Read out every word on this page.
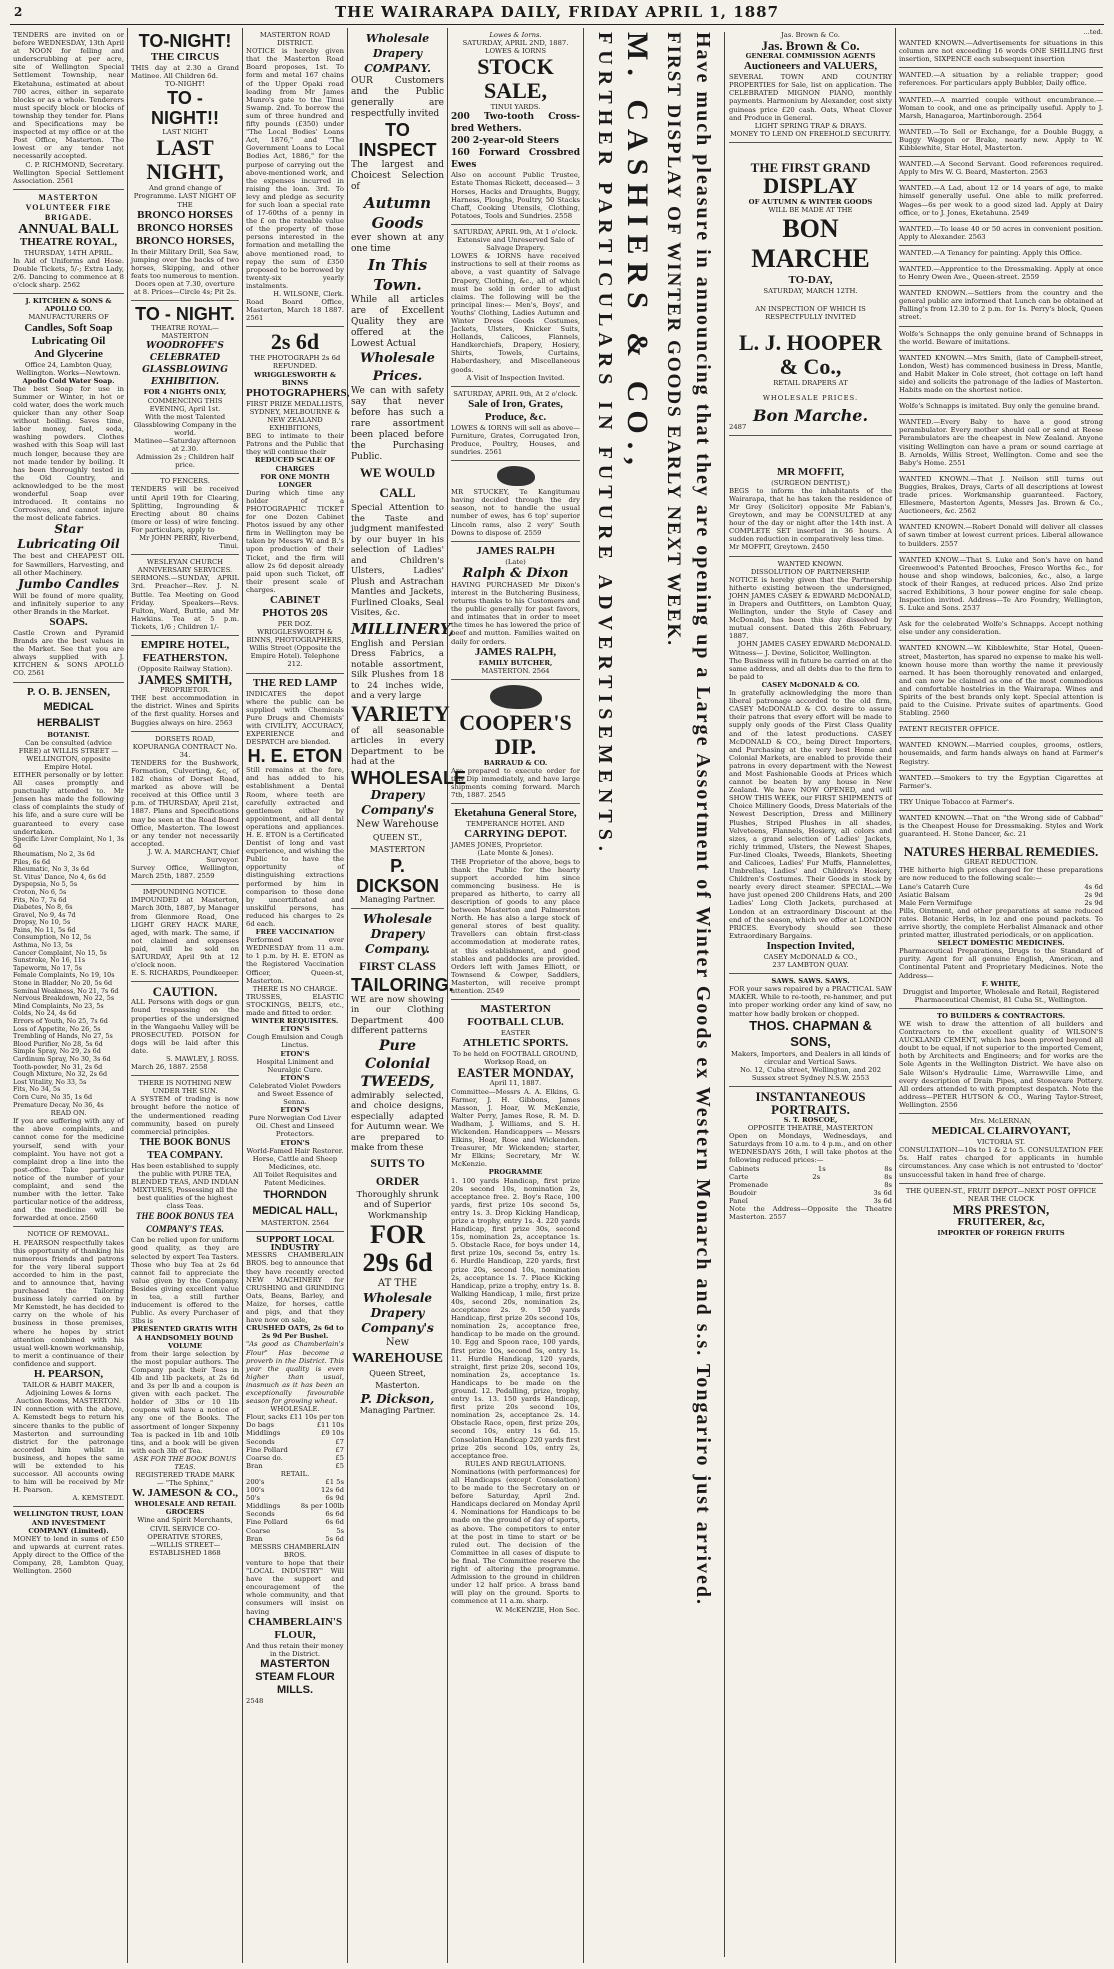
2	THE WAIRARAPA DAILY, FRIDAY APRIL 1, 1887
TENDERS are invited on or before WEDNESDAY, 13th April at NOON for felling and underscrubbing at per acre, site of Wellington Special Settlement Township, near Eketahuna, estimated at about 700 acres, either in separate blocks or as a whole. Tenderers must specify block or blocks of township they tender for. Plans and Specifications may be inspected at my office or at the Post Office, Masterton. The lowest or any tender not necessarily accepted.
C. P. RICHMOND, Secretary.
Wellington Special Settlement Association. 2561
MASTERTON VOLUNTEER FIRE BRIGADE.
ANNUAL BALL
THEATRE ROYAL,
THURSDAY, 14TH APRIL.
In Aid of Uniforms and Hose. Double Tickets, 5/-; Extra Lady, 2/6. Dancing to commence at 8 o'clock sharp. 2562
J. KITCHEN & SONS & APOLLO CO.
MANUFACTURERS OF
Candles, Soft Soap
Lubricating Oil
And Glycerine
Office 24, Lambton Quay, Wellington. Works—Newtown.
Apollo Cold Water Soap.
The best Soap for use in Summer or Winter, in hot or cold water, does the work much quicker than any other Soap without boiling. Saves time, labor money, fuel, soda, washing powders. Clothes washed with this Soap will last much longer, because they are not made tender by boiling. It has been thoroughly tested in the Old Country, and acknowledged to be the most wonderful Soap ever introduced. It contains no Corrosives, and cannot injure the most delicate fabrics.
Star Lubricating Oil
The best and CHEAPEST OIL for Sawmillers, Harvesting, and all other Machinery.
Jumbo Candles
Will be found of more quality, and infinitely superior to any other Brands in the Market.
SOAPS.
Castle Crown and Pyramid Brands are the best values in the Market. See that you are always supplied with J. KITCHEN & SONS APOLLO CO. 2561
P. O. B. JENSEN,
MEDICAL HERBALIST
BOTANIST.
Can be consulted (advice FREE) at WILLIS STREET — WELLINGTON, opposite Empire Hotel.
EITHER personally or by letter. All cases promptly and punctually attended to. Mr Jensen has made the following class of complaints the study of his life, and a sure cure will be guaranteed to every case undertaken.
Specific Liver Complaint, No 1, 3s 6d
Rheumatism, No 2, 3s 6d
Piles, 6s 6d
Rheumatic, No 3, 3s 6d
St. Vitus' Dance, No 4, 6s 6d
Dyspepsia, No 5, 5s
Croton, No 6, 5s
Fits, No 7, 7s 6d
Diabetes, No 8, 6s
Gravel, No 9, 4s 7d
Dropsy, No 10, 5s
Pains, No 11, 5s 6d
Consumption, No 12, 5s
Asthma, No 13, 5s
Cancer Complaint, No 15, 5s
Sunstroke, No 16, 11s
Tapeworm, No 17, 5s
Female Complaints, No 19, 10s
Stone in Bladder, No 20, 5s 6d
Seminal Weakness, No 21, 7s 6d
Nervous Breakdown, No 22, 5s
Mind Complaints, No 23, 5s
Colds, No 24, 4s 6d
Errors of Youth, No 25, 7s 6d
Loss of Appetite, No 26, 5s
Trembling of Hands, No 27, 5s
Blood Purifier, No 28, 5s 6d
Simple Spray, No 29, 2s 6d
Cardinum Spray, No 30, 3s 6d
Tooth-powder, No 31, 2s 6d
Cough Mixture, No 32, 2s 6d
Lost Vitality, No 33, 5s
Fits, No 34, 5s
Corn Cure, No 35, 1s 6d
Premature Decay, No 36, 4s
READ ON.
If you are suffering with any of the above complaints, and cannot come for the medicine yourself, send with your complaint. You have not got a complaint drop a line into the post-office. Take particular notice of the number of your complaint, and send the number with the letter. Take particular notice of the address, and the medicine will be forwarded at once. 2560
NOTICE OF REMOVAL.
H. PEARSON respectfully takes this opportunity of thanking his numerous friends and patrons for the very liberal support accorded to him in the past, and to announce that, having purchased the Tailoring business lately carried on by Mr Kemstedt, he has decided to carry on the whole of his business in those premises, where he hopes by strict attention combined with his usual well-known workmanship, to merit a continuance of their confidence and support.
H. PEARSON,
TAILOR & HABIT MAKER,
Adjoining Lowes & Iorns Auction Rooms, MASTERTON.
IN connection with the above, A. Kemstedt begs to return his sincere thanks to the public of Masterton and surrounding district for the patronage accorded him whilst in business, and hopes the same will be extended to his successor. All accounts owing to him will be received by Mr H. Pearson.
A. KEMSTEDT.
WELLINGTON TRUST, LOAN AND INVESTMENT COMPANY (Limited).
MONEY to lend in sums of £50 and upwards at current rates. Apply direct to the Office of the Company, 28, Lambton Quay, Wellington. 2560
TO-NIGHT!
THE CIRCUS
THIS day at 2.30 a Grand Matinee. All Children 6d.
TO-NIGHT!
TO - NIGHT!!
LAST NIGHT
LAST NIGHT,
And grand change of Programme. LAST NIGHT OF THE
BRONCO HORSES
BRONCO HORSES
BRONCO HORSES,
In their Military Drill, Sea Saw, jumping over the backs of two horses, Skipping, and other feats too numerous to mention.
Doors open at 7.30, overture at 8. Prices—Circle 4s; Pit 2s.
TO - NIGHT.
THEATRE ROYAL—MASTERTON
WOODROFFE'S CELEBRATED GLASSBLOWING EXHIBITION.
FOR 4 NIGHTS ONLY,
COMMENCING THIS EVENING, April 1st.
With the most Talented Glassblowing Company in the world.
Matinee—Saturday afternoon at 2.30.
Admission 2s ; Children half price.
TO FENCERS.
TENDERS will be received until April 19th for Clearing, Splitting, Ingrounding & Erecting about 80 chains (more or less) of wire fencing. For particulars, apply to
Mr JOHN PERRY, Riverbend, Tinui.
WESLEYAN CHURCH ANNIVERSARY SERVICES.
SERMONS.—SUNDAY, APRIL 3rd. Preacher—Rev. J. N. Buttle. Tea Meeting on Good Friday. Speakers—Revs. Fulton, Ward, Buttle, and Mr Hawkins. Tea at 5 p.m. Tickets, 1/6 ; Children 1/-
EMPIRE HOTEL, FEATHERSTON.
(Opposite Railway Station).
JAMES SMITH,
PROPRIETOR.
THE best accommodation in the district. Wines and Spirits of the first quality. Horses and Buggies always on hire. 2563
DORSETS ROAD, KOPURANGA CONTRACT No. 34.
TENDERS for the Bushwork, Formation, Culverting, &c, of 182 chains of Dorset Road, marked as above will be received at this Office until 3 p.m. of THURSDAY, April 21st, 1887. Plans and Specifications may be seen at the Road Board Office, Masterton. The lowest or any tender not necessarily accepted.
J. W. A. MARCHANT, Chief Surveyor.
Survey Office, Wellington, March 25th, 1887. 2559
IMPOUNDING NOTICE.
IMPOUNDED at Masterton, March 30th, 1887, by Manager from Glenmore Road, One LIGHT GREY HACK MARE, aged, with mark. The same, if not claimed and expenses paid, will be sold on SATURDAY, April 9th at 12 o'clock noon.
E. S. RICHARDS, Poundkeeper.
CAUTION.
ALL Persons with dogs or gun found trespassing on the properties of the undersigned in the Wangaehu Valley will be PROSECUTED. POISON for dogs will be laid after this date.
S. MAWLEY, J. ROSS.
March 26, 1887. 2558
THERE IS NOTHING NEW UNDER THE SUN.
A SYSTEM of trading is now brought before the notice of the undermentioned reading community, based on purely commercial principles.
THE BOOK BONUS TEA COMPANY.
Has been established to supply the public with PURE TEA, BLENDED TEAS, AND INDIAN MIXTURES, Possessing all the best qualities of the highest class Teas.
THE BOOK BONUS TEA COMPANY'S TEAS.
Can be relied upon for uniform good quality, as they are selected by expert Tea Tasters. Those who buy Tea at 2s 6d cannot fail to appreciate the value given by the Company. Besides giving excellent value in tea, a still further inducement is offered to the Public. As every Purchaser of 3lbs is
PRESENTED GRATIS WITH A HANDSOMELY BOUND VOLUME
from their large selection by the most popular authors. The Company pack their Teas in 4lb and 1lb packets, at 2s 6d and 3s per lb and a coupon is given with each packet. The holder of 3lbs or 10 1lb coupons will have a notice of any one of the Books. The assortment of longer Sixpenny Tea is packed in 1lb and 10lb tins, and a book will be given with each 3lb of Tea.
ASK FOR THE BOOK BONUS TEAS.
REGISTERED TRADE MARK — "The Sphinx,"
W. JAMESON & CO.,
WHOLESALE AND RETAIL GROCERS
Wine and Spirit Merchants, CIVIL SERVICE CO-OPERATIVE STORES,
—WILLIS STREET—
ESTABLISHED 1868
MASTERTON ROAD DISTRICT.
NOTICE is hereby given that the Masterton Road Board proposes, 1st. To form and metal 167 chains of the Upper Opaki road leading from Mr James Munro's gate to the Tinui Swamp. 2nd. To borrow the sum of three hundred and fifty pounds (£350) under "The Local Bodies' Loans Act, 1876," and "The Government Loans to Local Bodies Act, 1886," for the purpose of carrying out the above-mentioned work, and the expenses incurred in raising the loan. 3rd. To levy and pledge as security for such loan a special rate of 17-60ths of a penny in the £ on the rateable value of the property of those persons interested in the formation and metalling the above mentioned road, to repay the sum of £350 proposed to be borrowed by twenty-six yearly instalments.
H. WILSONE, Clerk.
Road Board Office, Masterton, March 18 1887. 2561
2s 6d
THE PHOTOGRAPH 2s 6d REFUNDED.
WRIGGLESWORTH & BINNS
PHOTOGRAPHERS,
FIRST PRIZE MEDALLISTS, SYDNEY, MELBOURNE & NEW ZEALAND EXHIBITIONS,
BEG to intimate to their Patrons and the Public that they will continue their
REDUCED SCALE OF CHARGES
FOR ONE MONTH LONGER
During which time any holder of a PHOTOGRAPHIC TICKET for one Dozen Cabinet Photos issued by any other firm in Wellington may be taken by Messrs W. and B.'s upon production of their Ticket, and the firm will allow 2s 6d deposit already paid upon such Ticket, off their present scale of charges.
CABINET PHOTOS 20S
PER DOZ.
WRIGGLESWORTH & BINNS, PHOTOGRAPHERS,
Willis Street (Opposite the Empire Hotel). Telephone 212.
THE RED LAMP
INDICATES the depot where the public can be supplied with Chemicals Pure Drugs and Chemists' with CIVILITY, ACCURACY, EXPERIENCE and DESPATCH are blended.
H. E. ETON
Still remains at the fore, and has added to his establishment a Dental Room, where teeth are carefully extracted and gentlemen either by appointment, and all dental operations and appliances. H. E. ETON is a Certificated Dentist of long and vast experience, and wishing the Public to have the opportunity of distinguishing extractions performed by him in comparison to those done by uncertificated and unskilful persons, has reduced his charges to 2s 6d each.
FREE VACCINATION
Performed ever WEDNESDAY from 11 a.m. to 1 p.m. by H. E. ETON as the Registered Vaccination Officer, Queen-st, Masterton.
THERE IS NO CHARGE.
TRUSSES, ELASTIC STOCKINGS, BELTS, etc., made and fitted to order.
WINTER REQUISITES.
ETON'S
Cough Emulsion and Cough Linctus.
ETON'S
Hospital Liniment and Neuralgic Cure.
ETON'S
Celebrated Violet Powders and Sweet Essence of Senna.
ETON'S
Pure Norwegian Cod Liver Oil. Chest and Linseed Protectors.
ETON'S
World-Famed Hair Restorer. Horse, Cattle and Sheep Medicines, etc.
All Toilet Requisites and Patent Medicines.
THORNDON MEDICAL HALL,
MASTERTON. 2564
SUPPORT LOCAL INDUSTRY
MESSRS CHAMBERLAIN BROS. beg to announce that they have recently erected NEW MACHINERY for CRUSHING and GRINDING Oats, Beans, Barley, and Maize, for horses, cattle and pigs, and that they have now on sale,
CRUSHED OATS, 2s 6d to 2s 9d Per Bushel.
"As good as Chamberlain's Flour" Has become a proverb in the District. This year the quality is even higher than usual, inasmuch as it has been an exceptionally favourable season for growing wheat.
WHOLESALE.
Flour, sacks £11 10s per ton
Do bags	£11 10s
Middlings	£9 10s
Seconds	£7
Fine Pollard	£7
Coarse do.	£5
Bran	£5
RETAIL.
200's	£1 5s
100's	12s 6d
50's	6s 9d
Middlings	8s per 100lb
Seconds	6s 6d
Fine Pollard	6s 6d
Coarse	5s
Bran	5s 6d
MESSRS CHAMBERLAIN BROS.
venture to hope that their "LOCAL INDUSTRY" Will have the support and encouragement of the whole community, and that consumers will insist on having
CHAMBERLAIN'S FLOUR,
And thus retain their money in the District.
MASTERTON STEAM FLOUR MILLS.
2548
Wholesale Drapery COMPANY.
OUR Customers and the Public generally are respectfully invited
TO INSPECT
The largest and Choicest Selection of
Autumn Goods
ever shown at any one time
In This Town.
While all articles are of Excellent Quality they are offered at the Lowest Actual
Wholesale Prices.
We can with safety say that never before has such a rare assortment been placed before the Purchasing Public.
WE WOULD CALL
Special Attention to the Taste and judgment manifested by our buyer in his selection of Ladies' and Children's Ulsters, Ladies' Plush and Astrachan Mantles and Jackets, Furlined Cloaks, Seal Visites, &c.
MILLINERY,
English and Persian Dress Fabrics, a notable assortment, Silk Plushes from 18 to 24 inches wide, and a very large
VARIETY
of all seasonable articles in every Department to be had at the
WHOLESALE
Drapery Company's
New Warehouse
QUEEN ST., MASTERTON
P. DICKSON
Managing Partner.
Wholesale Drapery Company.
FIRST CLASS
TAILORING.
WE are now showing in our Clothing Department 400 different patterns
Pure Colonial TWEEDS,
admirably selected, and choice designs, especially adapted for Autumn wear. We are prepared to make from these
SUITS TO ORDER
Thoroughly shrunk and of Superior Workmanship
FOR 29s 6d
AT THE
Wholesale Drapery Company's
New
WAREHOUSE
Queen Street, Masterton.
P. Dickson,
Managing Partner.
Lowes & Iorns.
SATURDAY, APRIL 2ND, 1887.
LOWES & IORNS
STOCK SALE,
TINUI YARDS.
200 Two-tooth Cross-bred Wethers.
200 2-year-old Steers
160 Forward Crossbred Ewes
Also on account Public Trustee, Estate Thomas Rickett, deceased— 3 Horses, Hacks and Draughts, Buggy, Harness, Ploughs, Poultry, 50 Stacks Chaff, Cooking Utensils, Clothing, Potatoes, Tools and Sundries. 2558
SATURDAY, APRIL 9th, At 1 o'clock.
Extensive and Unreserved Sale of Salvage Drapery.
LOWES & IORNS have received instructions to sell at their rooms as above, a vast quantity of Salvage Drapery, Clothing, &c., all of which must be sold in order to adjust claims. The following will be the principal lines:— Men's, Boys', and Youths' Clothing, Ladies Autumn and Winter Dress Goods Costumes, Jackets, Ulsters, Knicker Suits, Hollands, Calicoes, Flannels, Handkerchiefs, Drapery, Hosiery, Shirts, Towels, Curtains, Haberdashery, and Miscellaneous goods.
A Visit of Inspection Invited.
SATURDAY, APRIL 9th, At 2 o'clock.
Sale of Iron, Grates, Produce, &c.
LOWES & IORNS will sell as above— Furniture, Grates, Corrugated Iron, Produce, Poultry, Houses, and sundries. 2561
MR STUCKEY, Te Kangitumau having decided through the dry season, not to handle the usual number of ewes, has 6 top' superior Lincoln rams, also 2 very' South Downs to dispose of. 2559
JAMES RALPH
(Late)
Ralph & Dixon
HAVING PURCHASED Mr Dixon's interest in the Butchering Business, returns thanks to his Customers and the public generally for past favors, and intimates that in order to meet the times he has lowered the price of beef and mutton. Families waited on daily for orders.
JAMES RALPH,
FAMILY BUTCHER,
MASTERTON. 2564
COOPER'S DIP.
BARRAUD & CO.
Are prepared to execute order for this Dip immediately, and have large shipments coming forward. March 7th, 1887. 2545
Eketahuna General Store,
TEMPERANCE HOTEL AND
CARRYING DEPOT.
JAMES JONES, Proprietor.
(Late Monte & Jones).
THE Proprietor of the above, begs to thank the Public for the hearty support accorded him since commencing business. He is prepared as hitherto, to carry all description of goods to any place between Masterton and Palmerston North. He has also a large stock of general stores of best quality. Travellers can obtain first-class accommodation at moderate rates, at this establishment, and good stables and paddocks are provided. Orders left with James Elliott, or Townsend & Cowper, Saddlers, Masterton, will receive prompt attention. 2549
MASTERTON FOOTBALL CLUB.
EASTER
ATHLETIC SPORTS.
To be held on FOOTBALL GROUND, Worksop Road, on
EASTER MONDAY,
April 11, 1887.
Committee—Messrs A. A. Elkins, G. Farmer, J. H. Gibbons, James Masson, J. Hoar, W. McKenzie, Walter Perry, James Rose, R. M. D. Wadham, J. Williams, and S. H. Wickenden. Handicappers — Messrs Elkins, Hoar, Rose and Wickenden. Treasurer, Mr Wickenden; starter, Mr Elkins; Secretary, Mr W. McKenzie.
PROGRAMME
1. 100 yards Handicap, first prize 20s second 10s, nomination 2s, acceptance free. 2. Boy's Race, 100 yards, first prize 10s second 5s, entry 1s. 3. Drop Kicking Handicap, prize a trophy, entry 1s. 4. 220 yards Handicap, first prize 30s, second 15s, nomination 2s, acceptance 1s. 5. Obstacle Race, for boys under 14, first prize 10s, second 5s, entry 1s. 6. Hurdle Handicap, 220 yards, first prize 20s, second 10s, nomination 2s, acceptance 1s. 7. Place Kicking Handicap, prize a trophy, entry 1s. 8. Walking Handicap, 1 mile, first prize 40s, second 20s, nomination 2s, acceptance 2s. 9. 150 yards Handicap, first prize 20s second 10s, nomination 2s, acceptance free, handicap to be made on the ground. 10. Egg and Spoon race, 100 yards, first prize 10s, second 5s, entry 1s. 11. Hurdle Handicap, 120 yards, straight, first prize 20s, second 10s, nomination 2s, acceptance 1s. Handicaps to be made on the ground. 12. Pedalling, prize, trophy, entry 1s. 13. 150 yards Handicap, first prize 20s second 10s, nomination 2s, acceptance 2s. 14. Obstacle Race, open, first prize 20s, second 10s, entry 1s 6d. 15. Consolation Handicap 220 yards first prize 20s second 10s, entry 2s, acceptance free.
RULES AND REGULATIONS.
Nominations (with performances) for all Handicaps (except Consolation) to be made to the Secretary on or before Saturday, April 2nd. Handicaps declared on Monday April 4. Nominations for Handicaps to be made on the ground of day of sports, as above. The competitors to enter at the post in time to start or be ruled out. The decision of the Committee in all cases of dispute to be final. The Committee reserve the right of altering the programme. Admission to the ground in children under 12 half price. A brass band will play on the ground. Sports to commence at 11 a.m. sharp.
W. McKENZIE, Hon Sec.
Have much pleasure in announcing that they are opening up a Large Assortment of Winter Goods ex Western Monarch and s.s. Tongariro just arrived.
FIRST DISPLAY OF WINTER GOODS EARLY NEXT WEEK.
M. CASHIERS & CO.,
FURTHER PARTICULARS IN FUTURE ADVERTISEMENTS.	Jas. Brown & Co.
Jas. Brown & Co.
GENERAL COMMISSION AGENTS
Auctioneers and VALUERS,
SEVERAL TOWN AND COUNTRY PROPERTIES for Sale, list on application. The CELEBRATED MIGNON PIANO, monthly payments. Harmonium by Alexander, cost sixty guineas price £20 cash. Oats, Wheat Clover and Produce in General.
LIGHT SPRING TRAP & DRAYS.
MONEY TO LEND ON FREEHOLD SECURITY.
THE FIRST GRAND
DISPLAY
OF AUTUMN & WINTER GOODS
WILL BE MADE AT THE
BON MARCHE
TO-DAY,
SATURDAY, MARCH 12TH.
AN INSPECTION OF WHICH IS RESPECTFULLY INVITED
L. J. HOOPER & Co.,
RETAIL DRAPERS AT
WHOLESALE PRICES.
Bon Marche.
2487
MR MOFFIT,
(SURGEON DENTIST,)
BEGS to inform the inhabitants of the Wairarapa, that he has taken the residence of Mr Grey (Solicitor) opposite Mr Fabian's, Greytown, and may be CONSULTED at any hour of the day or night after the 14th inst. A COMPLETE SET inserted in 36 hours. A sudden reduction in comparatively less time.
Mr MOFFIT, Greytown. 2450
WANTED KNOWN.
DISSOLUTION OF PARTNERSHIP.
NOTICE is hereby given that the Partnership hitherto existing between the undersigned, JOHN JAMES CASEY & EDWARD McDONALD, in Drapers and Outfitters, on Lambton Quay, Wellington, under the Style of Casey and McDonald, has been this day dissolved by mutual consent. Dated this 26th February, 1887.
JOHN JAMES CASEY EDWARD McDONALD.
Witness— J. Devine, Solicitor, Wellington.
The Business will in future be carried on at the same address, and all debts due to the firm to be paid to
CASEY McDONALD & CO.
In gratefully acknowledging the more than liberal patronage accorded to the old firm, CASEY McDONALD & CO. desire to assure their patrons that every effort will be made to supply only goods of the First Class Quality and of the latest productions. CASEY McDONALD & CO., being Direct Importers, and Purchasing at the very best Home and Colonial Markets, are enabled to provide their patrons in every department with the Newest and Most Fashionable Goods at Prices which cannot be beaten by any house in New Zealand. We have NOW OPENED, and will SHOW THIS WEEK, our FIRST SHIPMENTS of Choice Millinery Goods, Dress Materials of the Newest Description, Dress and Millinery Plushes, Striped Plushes in all shades, Velveteens, Flannels, Hosiery, all colors and sizes, a grand selection of Ladies' Jackets, richly trimmed, Ulsters, the Newest Shapes, Fur-lined Cloaks, Tweeds, Blankets, Sheeting and Calicoes, Ladies' Fur Muffs, Flannelettes, Umbrellas, Ladies' and Children's Hosiery, Children's Costumes. Their Goods in stock by nearly every direct steamer. SPECIAL.—We have just opened 200 Childrens Hats, and 200 Ladies' Long Cloth Jackets, purchased at London at an extraordinary Discount at the end of the season, which we offer at LONDON PRICES. Everybody should see these Extraordinary Bargains.
Inspection Invited,
CASEY McDONALD & CO.,
237 LAMBTON QUAY.
SAWS. SAWS. SAWS.
FOR your saws repaired by a PRACTICAL SAW MAKER. While to re-tooth, re-hammer, and put into proper working order any kind of saw, no matter how badly broken or chopped.
THOS. CHAPMAN & SONS,
Makers, Importers, and Dealers in all kinds of circular and Vertical Saws.
No. 12, Cuba street, Wellington, and 202 Sussex street Sydney N.S.W. 2553
INSTANTANEOUS PORTRAITS.
S. T. ROSCOE,
OPPOSITE THEATRE, MASTERTON
Open on Mondays, Wednesdays, and Saturdays from 10 a.m. to 4 p.m., and on other WEDNESDAYS 26th, I will take photos at the following reduced prices:—
Cabinets	1s	8s
Carte	2s	8s
Promenade	8s
Boudoir	3s 6d
Panel	3s 6d
Note the Address—Opposite the Theatre Masterton. 2557
...ted.
WANTED KNOWN.—Advertisements for situations in this column are not exceeding 16 words ONE SHILLING first insertion, SIXPENCE each subsequent insertion
WANTED.—A situation by a reliable trapper; good references. For particulars apply Bubbler, Daily office.
WANTED.—A married couple without encumbrance.—Woman to cook, and one as principally useful. Apply to J. Marsh, Hanagaroa, Martinborough. 2564
WANTED.—To Sell or Exchange, for a Double Buggy, a Buggy Waggon or Brake, nearly new. Apply to W. Kibblewhite, Star Hotel, Masterton.
WANTED.—A Second Servant. Good references required. Apply to Mrs W. G. Beard, Masterton. 2563
WANTED.—A Lad, about 12 or 14 years of age, to make himself generally useful. One able to milk preferred. Wages—6s per week to a good sized lad. Apply at Dairy office, or to J. Jones, Eketahuna. 2549
WANTED.—To lease 40 or 50 acres in convenient position. Apply to Alexander. 2563
WANTED.—A Tenancy for painting. Apply this Office.
WANTED.—Apprentice to the Dressmaking. Apply at once to Henry Owen Ave., Queen-street. 2559
WANTED KNOWN.—Settlers from the country and the general public are informed that Lunch can be obtained at Palling's from 12.30 to 2 p.m. for 1s. Perry's block, Queen street.
Wolfe's Schnapps the only genuine brand of Schnapps in the world. Beware of imitations.
WANTED KNOWN.—Mrs Smith, (late of Campbell-street, London, West) has commenced business in Dress, Mantle, and Habit Maker in Cole street, (hot cottage on left hand side) and solicits the patronage of the ladies of Masterton. Habits made on the shortest notice.
Wolfe's Schnapps is imitated. Buy only the genuine brand.
WANTED.—Every Baby to have a good strong perambulator. Every mother should call or send at Reese Perambulators are the cheapest in New Zealand. Anyone visiting Wellington can have a pram or sound carriage at B. Arnolds, Willis Street, Wellington. Come and see the Baby's Home. 2551
WANTED KNOWN.—That J. Neilson still turns out Buggies, Brakes, Drays, Carts of all descriptions at lowest trade prices. Workmanship guaranteed. Factory, Ellesmere, Masterton Agents, Messrs Jas. Brown & Co., Auctioneers, &c. 2562
WANTED KNOWN.—Robert Donald will deliver all classes of sawn timber at lowest current prices. Liberal allowance to builders. 2557
WANTED KNOW.—That S. Luke and Son's have on hand Greenwood's Patented Brooches, Fresco Worths &c., for house and shop windows, balconies, &c., also, a large stock of their Ranges, at reduced prices. Also 2nd prize sacred Exhibitions, 3 hour power engine for sale cheap. Inspection invited. Address—Te Aro Foundry, Wellington, S. Luke and Sons. 2537
Ask for the celebrated Wolfe's Schnapps. Accept nothing else under any consideration.
WANTED KNOWN.—W. Kibblewhite, Star Hotel, Queen-street, Masterton, has spared no expense to make his well-known house more than worthy the name it previously earned. It has been thoroughly renovated and enlarged, and can now be claimed as one of the most commodious and comfortable hostelries in the Wairarapa. Wines and Spirits of the best brands only kept. Special attention is paid to the Cuisine. Private suites of apartments. Good Stabling. 2560
PATENT REGISTER OFFICE.
WANTED KNOWN.—Married couples, grooms, ostlers, housemaids, and farm hands always on hand at Farmer's Registry.
WANTED.—Smokers to try the Egyptian Cigarettes at Farmer's.
TRY Unique Tobacco at Farmer's.
WANTED KNOWN.—That on "the Wrong side of Cabbad" is the Cheapest House for Dressmaking. Styles and Work guaranteed. H. Stone Dancer, &c. 21
NATURES HERBAL REMEDIES.
GREAT REDUCTION.
THE hitherto high prices charged for these preparations are now reduced to the following scale:—
Lane's Catarrh Cure	4s 6d
Asiatic Balsam	2s 9d
Male Fern Vermifuge	2s 9d
Pills, Ointment, and other preparations at same reduced rates. Botanic Herbs, in loz and one pound packets. To arrive shortly, the complete Herbalist Almanack and other printed matter, illustrated periodicals, or on application.
SELECT DOMESTIC MEDICINES.
Pharmaceutical Preparations, Drugs to the Standard of purity. Agent for all genuine English, American, and Continental Patent and Proprietary Medicines. Note the Address—
F. WHITE,
Druggist and Importer, Wholesale and Retail, Registered Pharmaceutical Chemist, 81 Cuba St., Wellington.
TO BUILDERS & CONTRACTORS.
WE wish to draw the attention of all builders and Contractors to the excellent quality of WILSON'S AUCKLAND CEMENT, which has been proved beyond all doubt to be equal, if not superior to the imported Cement, both by Architects and Engineers; and for works are the Sole Agents in the Wellington District. We have also on Sale Wilson's Hydraulic Lime, Warrawville Lime, and every description of Drain Pipes, and Stoneware Pottery. All orders attended to with promptest despatch. Note the address—PETER HUTSON & CO., Waring Taylor-Street, Wellington. 2556
Mrs. McLERNAN,
MEDICAL CLAIRVOYANT,
VICTORIA ST.
CONSULTATION—10s to 1 & 2 to 5. CONSULTATION FEE 5s. Half rates charged for applicants in humble circumstances. Any case which is not entrusted to 'doctor' unsuccessful taken in hand free of charge.
THE QUEEN-ST., FRUIT DEPOT—NEXT POST OFFICE NEAR THE CLOCK
MRS PRESTON,
FRUITERER, &c,
IMPORTER OF FOREIGN FRUITS
